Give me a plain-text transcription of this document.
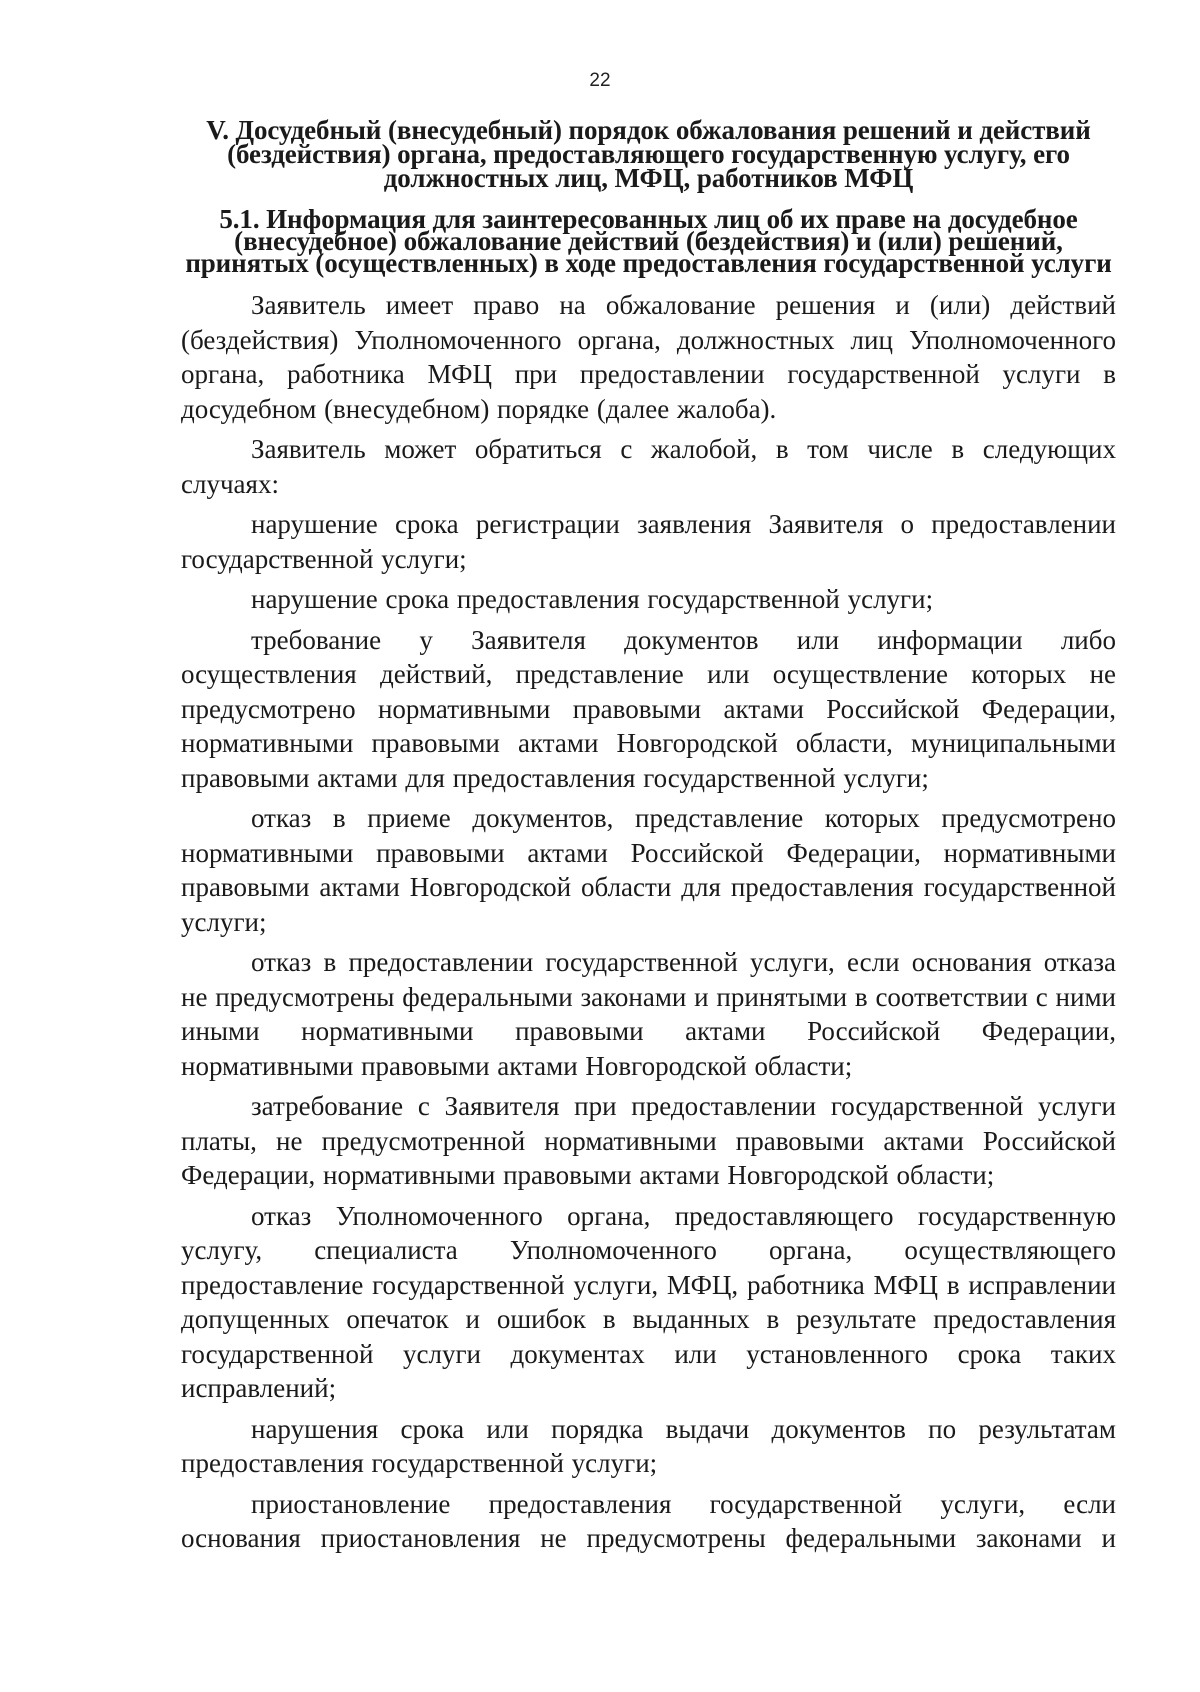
22
V. Досудебный (внесудебный) порядок обжалования решений и действий (бездействия) органа, предоставляющего государственную услугу, его должностных лиц, МФЦ, работников МФЦ
5.1. Информация для заинтересованных лиц об их праве на досудебное (внесудебное) обжалование действий (бездействия) и (или) решений, принятых (осуществленных) в ходе предоставления государственной услуги

Заявитель имеет право на обжалование решения и (или) действий (бездействия) Уполномоченного органа, должностных лиц Уполномоченного органа, работника МФЦ при предоставлении государственной услуги в досудебном (внесудебном) порядке (далее жалоба).

Заявитель может обратиться с жалобой, в том числе в следующих случаях:

нарушение срока регистрации заявления Заявителя о предоставлении государственной услуги;

нарушение срока предоставления государственной услуги;

требование у Заявителя документов или информации либо осуществления действий, представление или осуществление которых не предусмотрено нормативными правовыми актами Российской Федерации, нормативными правовыми актами Новгородской области, муниципальными правовыми актами для предоставления государственной услуги;

отказ в приеме документов, представление которых предусмотрено нормативными правовыми актами Российской Федерации, нормативными правовыми актами Новгородской области для предоставления государственной услуги;

отказ в предоставлении государственной услуги, если основания отказа не предусмотрены федеральными законами и принятыми в соответствии с ними иными нормативными правовыми актами Российской Федерации, нормативными правовыми актами Новгородской области;

затребование с Заявителя при предоставлении государственной услуги платы, не предусмотренной нормативными правовыми актами Российской Федерации, нормативными правовыми актами Новгородской области;

отказ Уполномоченного органа, предоставляющего государственную услугу, специалиста Уполномоченного органа, осуществляющего предоставление государственной услуги, МФЦ, работника МФЦ в исправлении допущенных опечаток и ошибок в выданных в результате предоставления государственной услуги документах или установленного срока таких исправлений;

нарушения срока или порядка выдачи документов по результатам предоставления государственной услуги;

приостановление предоставления государственной услуги, если основания приостановления не предусмотрены федеральными законами и
